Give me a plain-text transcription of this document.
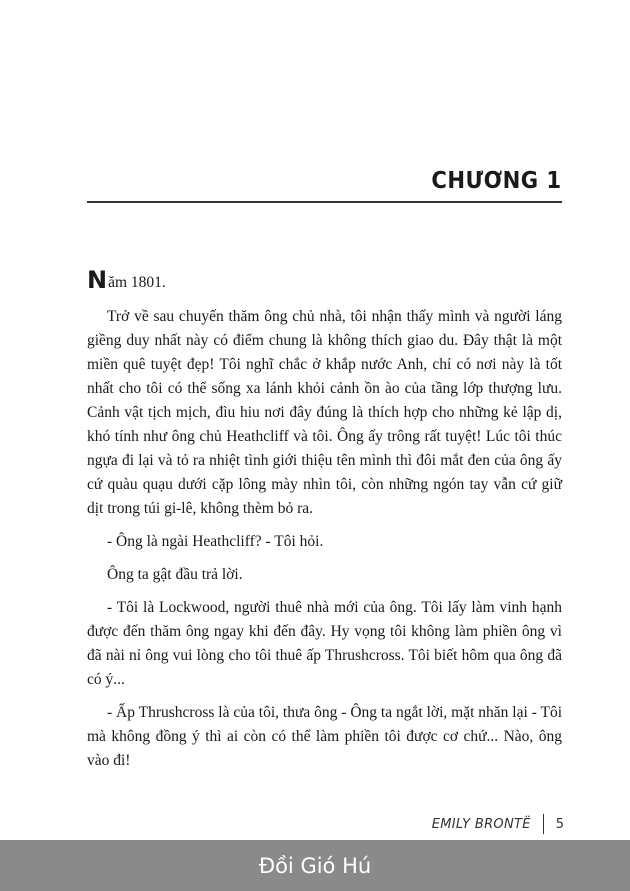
CHƯƠNG 1

Năm 1801.

Trở về sau chuyến thăm ông chủ nhà, tôi nhận thấy mình và người láng giềng duy nhất này có điểm chung là không thích giao du. Đây thật là một miền quê tuyệt đẹp! Tôi nghĩ chắc ở khắp nước Anh, chỉ có nơi này là tốt nhất cho tôi có thể sống xa lánh khỏi cảnh ồn ào của tầng lớp thượng lưu. Cảnh vật tịch mịch, đìu hiu nơi đây đúng là thích hợp cho những kẻ lập dị, khó tính như ông chủ Heathcliff và tôi. Ông ấy trông rất tuyệt! Lúc tôi thúc ngựa đi lại và tỏ ra nhiệt tình giới thiệu tên mình thì đôi mắt đen của ông ấy cứ quàu quạu dưới cặp lông mày nhìn tôi, còn những ngón tay vẫn cứ giữ dịt trong túi gi-lê, không thèm bỏ ra.

- Ông là ngài Heathcliff? - Tôi hỏi.

Ông ta gật đầu trả lời.

- Tôi là Lockwood, người thuê nhà mới của ông. Tôi lấy làm vinh hạnh được đến thăm ông ngay khi đến đây. Hy vọng tôi không làm phiền ông vì đã nài nỉ ông vui lòng cho tôi thuê ấp Thrushcross. Tôi biết hôm qua ông đã có ý...

- Ấp Thrushcross là của tôi, thưa ông - Ông ta ngắt lời, mặt nhăn lại - Tôi mà không đồng ý thì ai còn có thể làm phiền tôi được cơ chứ... Nào, ông vào đi!

EMILY BRONTË 5
Đồi Gió Hú
